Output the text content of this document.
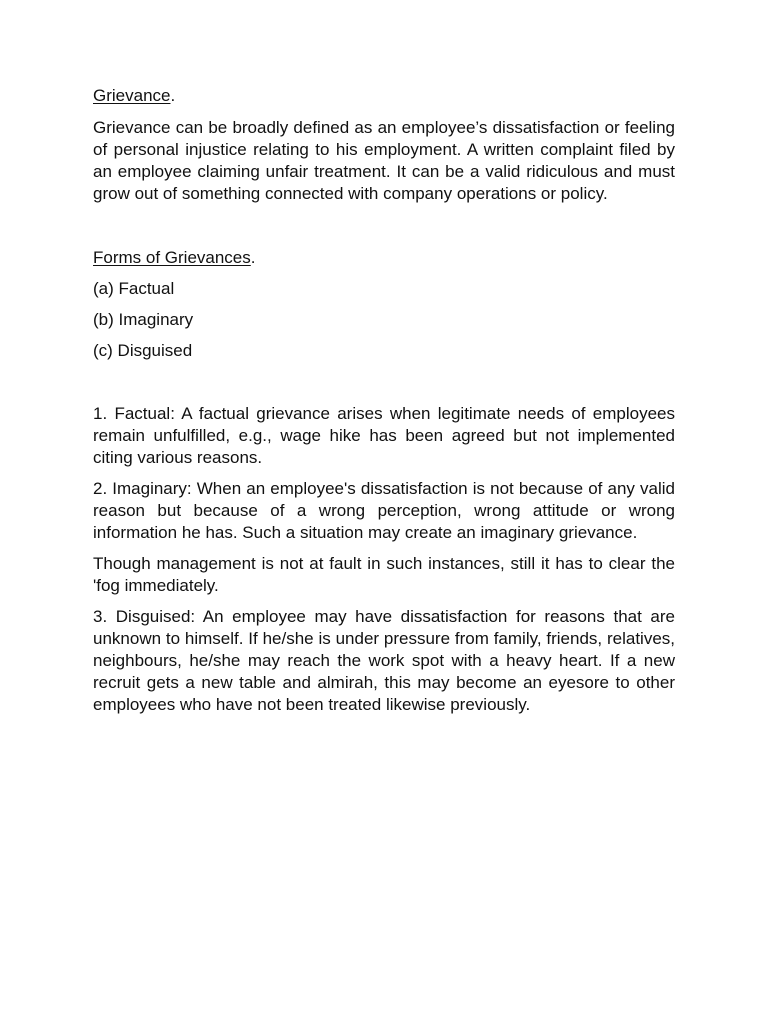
Grievance.

Grievance can be broadly defined as an employee’s dissatisfaction or feeling of personal injustice relating to his employment. A written complaint filed by an employee claiming unfair treatment. It can be a valid ridiculous and must grow out of something connected with company operations or policy.

Forms of Grievances.

(a) Factual

(b) Imaginary

(c) Disguised

1. Factual: A factual grievance arises when legitimate needs of employees remain unfulfilled, e.g., wage hike has been agreed but not implemented citing various reasons.

2. Imaginary: When an employee's dissatisfaction is not because of any valid reason but because of a wrong perception, wrong attitude or wrong information he has. Such a situation may create an imaginary grievance.

Though management is not at fault in such instances, still it has to clear the 'fog immediately.

3. Disguised: An employee may have dissatisfaction for reasons that are unknown to himself. If he/she is under pressure from family, friends, relatives, neighbours, he/she may reach the work spot with a heavy heart. If a new recruit gets a new table and almirah, this may become an eyesore to other employees who have not been treated likewise previously.
